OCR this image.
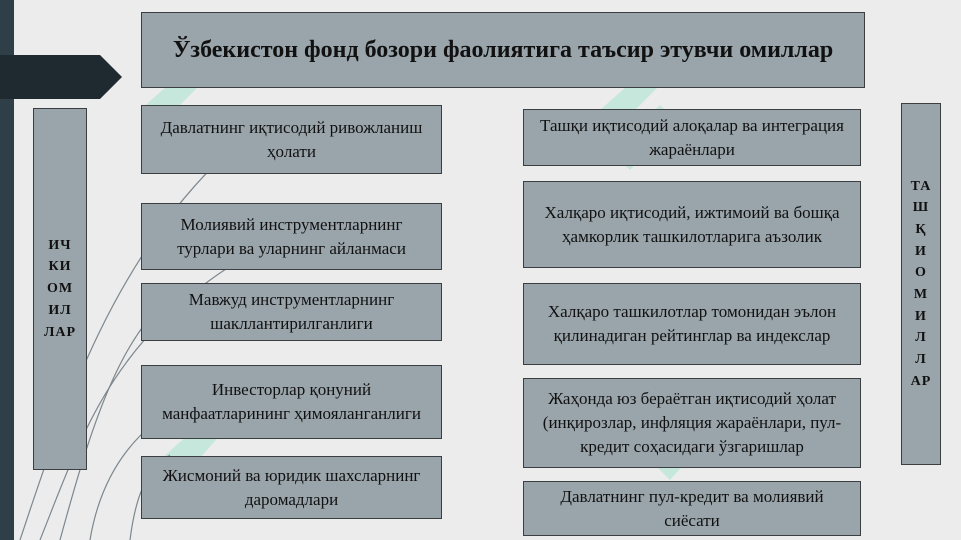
Ўзбекистон фонд бозори фаолиятига таъсир этувчи омиллар
ИЧ
КИ
ОМ
ИЛ
ЛАР
ТА
Ш
Қ
И
О
М
И
Л
Л
АР
Давлатнинг иқтисодий ривожланиш ҳолати
Молиявий инструментларнинг турлари ва уларнинг айланмаси
Мавжуд инструментларнинг шакллантирилганлиги
Инвесторлар қонуний манфаатларининг ҳимояланганлиги
Жисмоний ва юридик шахсларнинг даромадлари
Ташқи иқтисодий алоқалар ва интеграция жараёнлари
Халқаро иқтисодий, ижтимоий ва бошқа ҳамкорлик ташкилотларига аъзолик
Халқаро ташкилотлар томонидан эълон қилинадиган рейтинглар ва индекслар
Жаҳонда юз бераётган иқтисодий ҳолат (инқирозлар, инфляция жараёнлари, пул-кредит соҳасидаги ўзгаришлар
Давлатнинг пул-кредит ва молиявий сиёсати
